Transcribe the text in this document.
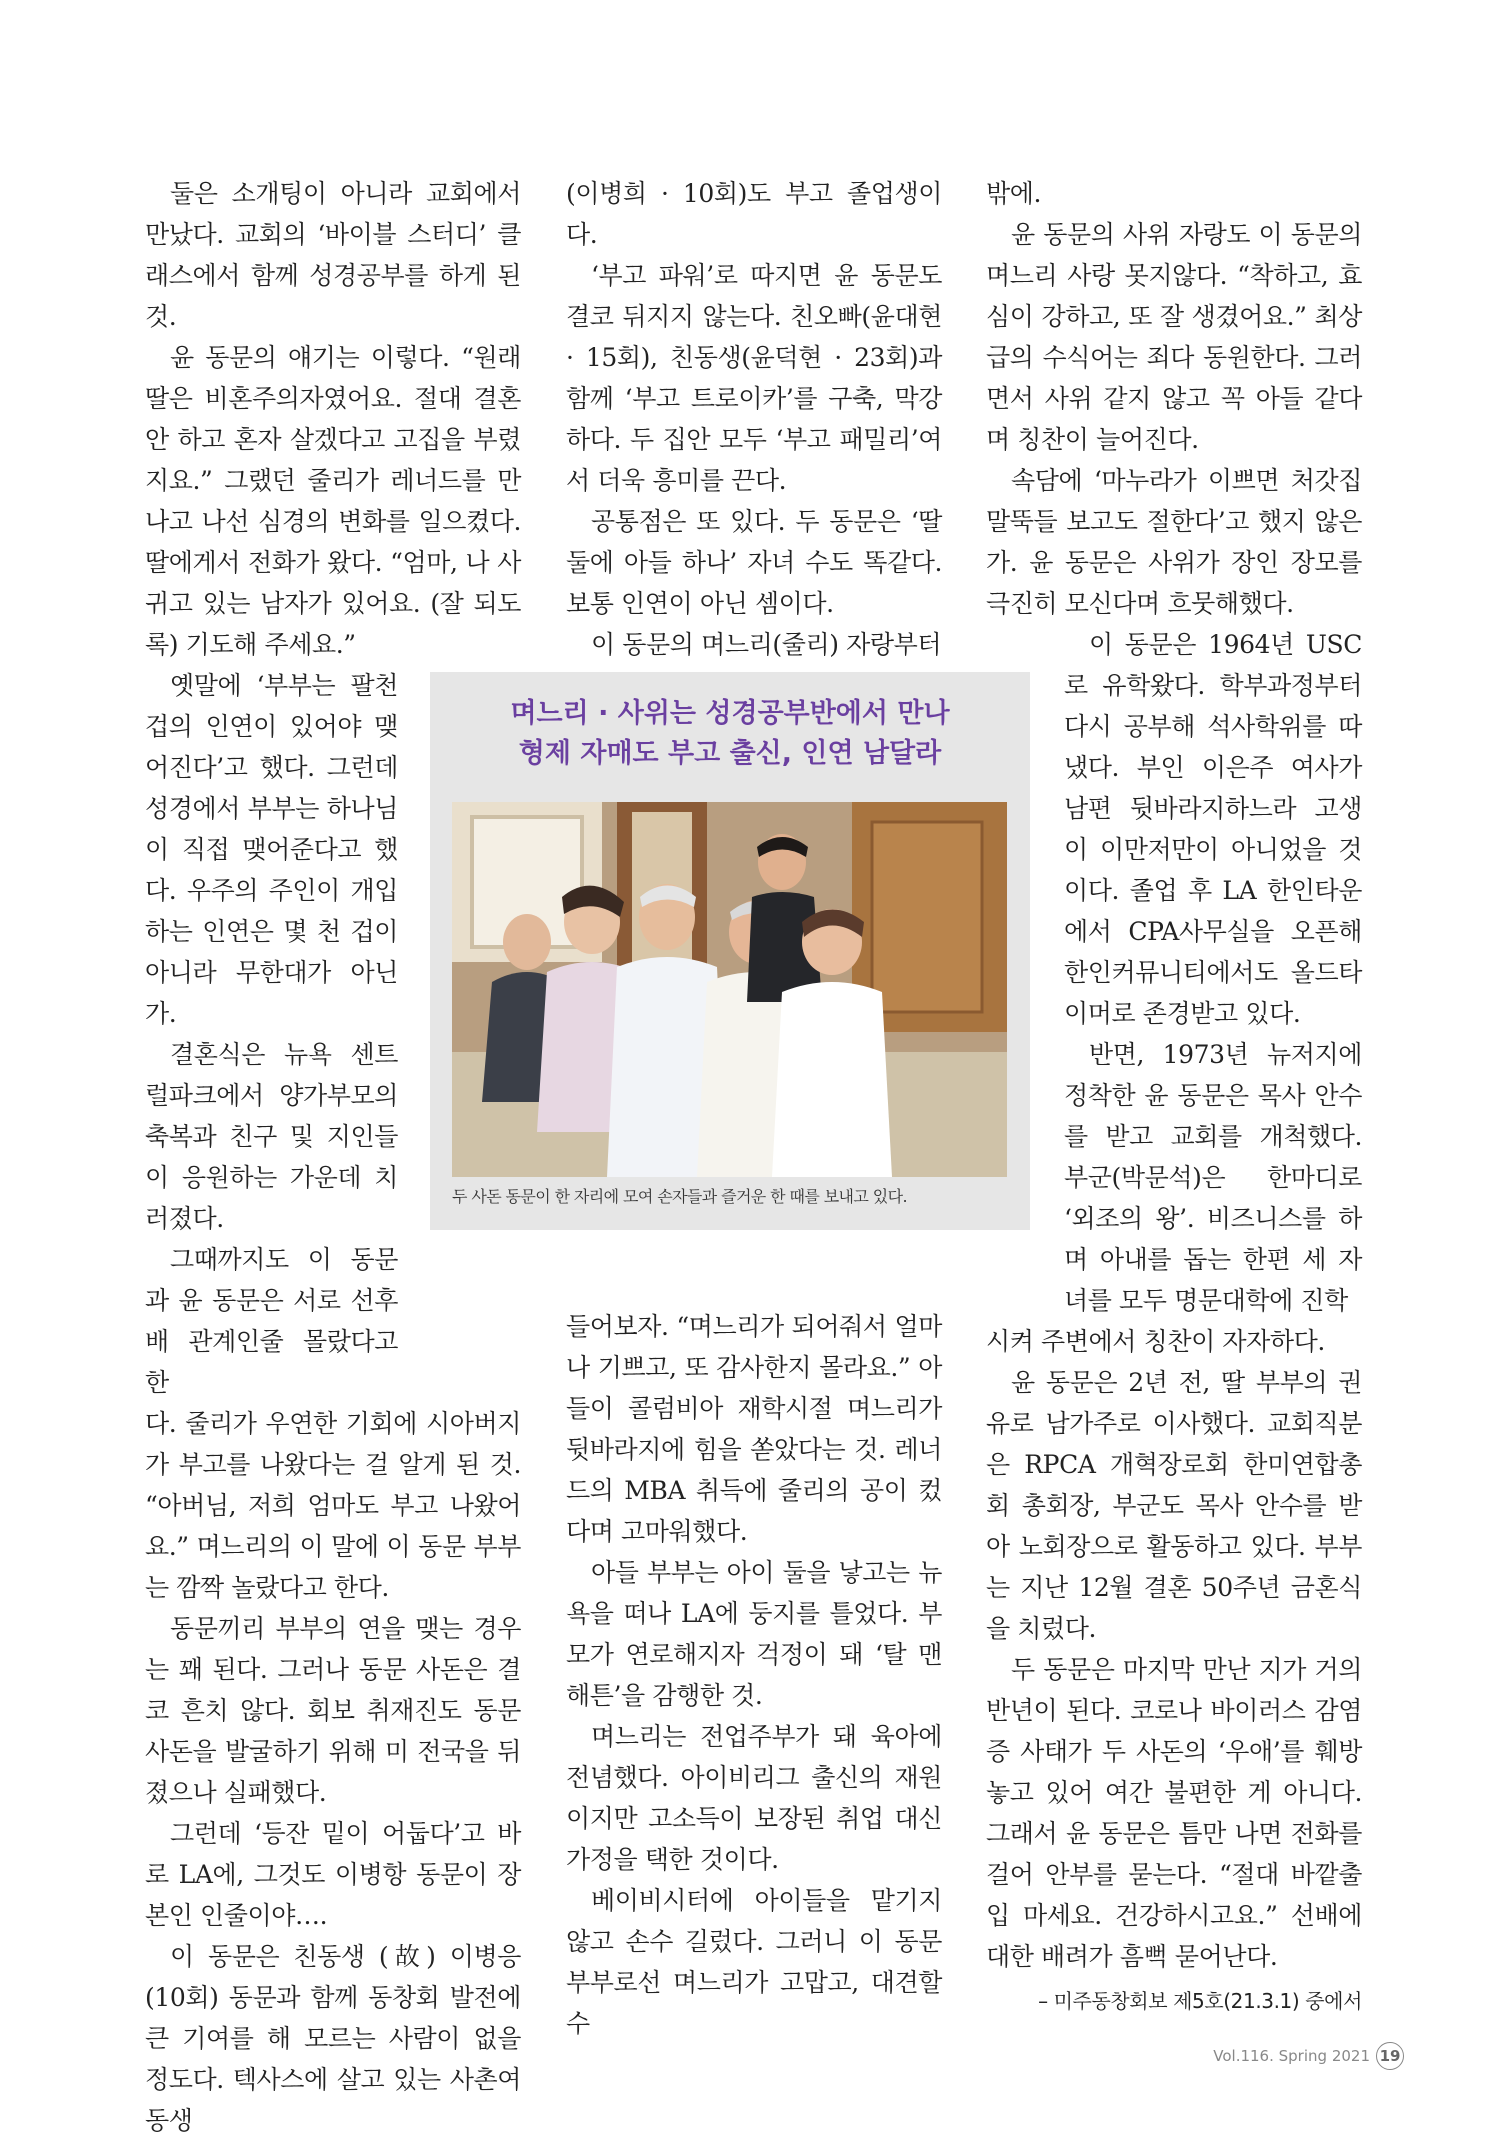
둘은 소개팅이 아니라 교회에서 만났다. 교회의 ‘바이블 스터디’ 클래스에서 함께 성경공부를 하게 된 것.

윤 동문의 얘기는 이렇다. “원래 딸은 비혼주의자였어요. 절대 결혼 안 하고 혼자 살겠다고 고집을 부렸지요.” 그랬던 줄리가 레너드를 만나고 나선 심경의 변화를 일으켰다. 딸에게서 전화가 왔다. “엄마, 나 사귀고 있는 남자가 있어요. (잘 되도록) 기도해 주세요.”

옛말에 ‘부부는 팔천 겁의 인연이 있어야 맺어진다’고 했다. 그런데 성경에서 부부는 하나님이 직접 맺어준다고 했다. 우주의 주인이 개입하는 인연은 몇 천 겁이 아니라 무한대가 아닌가.

결혼식은 뉴욕 센트럴파크에서 양가부모의 축복과 친구 및 지인들이 응원하는 가운데 치러졌다.

그때까지도 이 동문과 윤 동문은 서로 선후배 관계인줄 몰랐다고 한

다. 줄리가 우연한 기회에 시아버지가 부고를 나왔다는 걸 알게 된 것. “아버님, 저희 엄마도 부고 나왔어요.” 며느리의 이 말에 이 동문 부부는 깜짝 놀랐다고 한다.

동문끼리 부부의 연을 맺는 경우는 꽤 된다. 그러나 동문 사돈은 결코 흔치 않다. 회보 취재진도 동문 사돈을 발굴하기 위해 미 전국을 뒤졌으나 실패했다.

그런데 ‘등잔 밑이 어둡다’고 바로 LA에, 그것도 이병항 동문이 장본인 인줄이야….

이 동문은 친동생 (故) 이병응(10회) 동문과 함께 동창회 발전에 큰 기여를 해 모르는 사람이 없을 정도다. 텍사스에 살고 있는 사촌여동생

(이병희 · 10회)도 부고 졸업생이다.

‘부고 파워’로 따지면 윤 동문도 결코 뒤지지 않는다. 친오빠(윤대현 · 15회), 친동생(윤덕현 · 23회)과 함께 ‘부고 트로이카’를 구축, 막강하다. 두 집안 모두 ‘부고 패밀리’여서 더욱 흥미를 끈다.

공통점은 또 있다. 두 동문은 ‘딸 둘에 아들 하나’ 자녀 수도 똑같다. 보통 인연이 아닌 셈이다.

이 동문의 며느리(줄리) 자랑부터

들어보자. “며느리가 되어줘서 얼마나 기쁘고, 또 감사한지 몰라요.” 아들이 콜럼비아 재학시절 며느리가 뒷바라지에 힘을 쏟았다는 것. 레너드의 MBA 취득에 줄리의 공이 컸다며 고마워했다.

아들 부부는 아이 둘을 낳고는 뉴욕을 떠나 LA에 둥지를 틀었다. 부모가 연로해지자 걱정이 돼 ‘탈 맨해튼’을 감행한 것.

며느리는 전업주부가 돼 육아에 전념했다. 아이비리그 출신의 재원이지만 고소득이 보장된 취업 대신 가정을 택한 것이다.

베이비시터에 아이들을 맡기지 않고 손수 길렀다. 그러니 이 동문 부부로선 며느리가 고맙고, 대견할 수

밖에.

윤 동문의 사위 자랑도 이 동문의 며느리 사랑 못지않다. “착하고, 효심이 강하고, 또 잘 생겼어요.” 최상급의 수식어는 죄다 동원한다. 그러면서 사위 같지 않고 꼭 아들 같다며 칭찬이 늘어진다.

속담에 ‘마누라가 이쁘면 처갓집 말뚝들 보고도 절한다’고 했지 않은가. 윤 동문은 사위가 장인 장모를 극진히 모신다며 흐뭇해했다.

이 동문은 1964년 USC로 유학왔다. 학부과정부터 다시 공부해 석사학위를 따냈다. 부인 이은주 여사가 남편 뒷바라지하느라 고생이 이만저만이 아니었을 것이다. 졸업 후 LA 한인타운에서 CPA사무실을 오픈해 한인커뮤니티에서도 올드타이머로 존경받고 있다.

반면, 1973년 뉴저지에 정착한 윤 동문은 목사 안수를 받고 교회를 개척했다. 부군(박문석)은 한마디로 ‘외조의 왕’. 비즈니스를 하며 아내를 돕는 한편 세 자녀를 모두 명문대학에 진학

시켜 주변에서 칭찬이 자자하다.

윤 동문은 2년 전, 딸 부부의 권유로 남가주로 이사했다. 교회직분은 RPCA 개혁장로회 한미연합총회 총회장, 부군도 목사 안수를 받아 노회장으로 활동하고 있다. 부부는 지난 12월 결혼 50주년 금혼식을 치렀다.

두 동문은 마지막 만난 지가 거의 반년이 된다. 코로나 바이러스 감염증 사태가 두 사돈의 ‘우애’를 훼방놓고 있어 여간 불편한 게 아니다. 그래서 윤 동문은 틈만 나면 전화를 걸어 안부를 묻는다. “절대 바깥출입 마세요. 건강하시고요.” 선배에 대한 배려가 흠뻑 묻어난다.

– 미주동창회보 제5호(21.3.1) 중에서

며느리 · 사위는 성경공부반에서 만나
형제 자매도 부고 출신, 인연 남달라
두 사돈 동문이 한 자리에 모여 손자들과 즐거운 한 때를 보내고 있다.
Vol.116. Spring 2021 19
